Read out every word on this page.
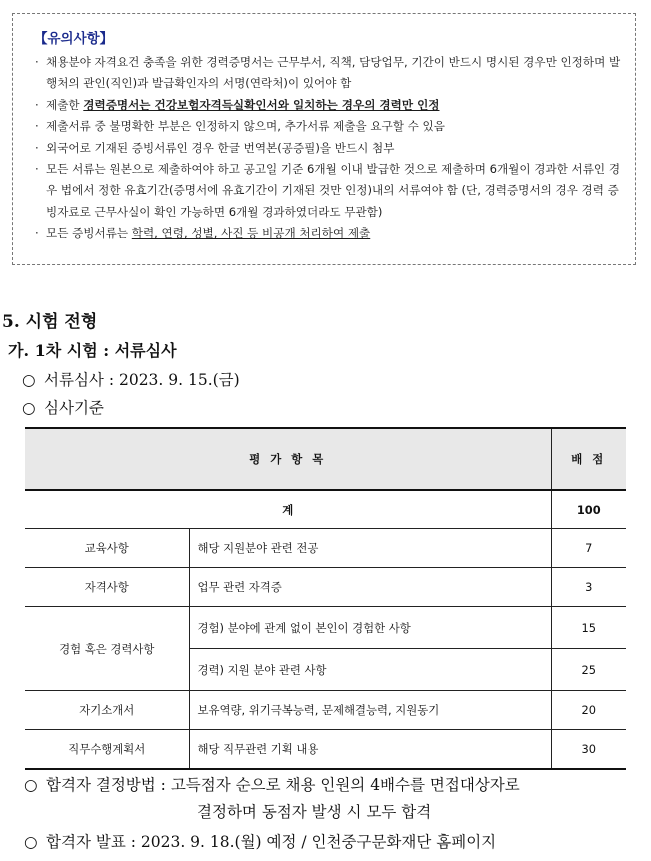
【유의사항】
· 채용분야 자격요건 충족을 위한 경력증명서는 근무부서, 직책, 담당업무, 기간이 반드시 명시된 경우만 인정하며 발행처의 관인(직인)과 발급확인자의 서명(연락처)이 있어야 함
· 제출한 경력증명서는 건강보험자격득실확인서와 일치하는 경우의 경력만 인정
· 제출서류 중 불명확한 부분은 인정하지 않으며, 추가서류 제출을 요구할 수 있음
· 외국어로 기재된 증빙서류인 경우 한글 번역본(공증필)을 반드시 첨부
· 모든 서류는 원본으로 제출하여야 하고 공고일 기준 6개월 이내 발급한 것으로 제출하며 6개월이 경과한 서류인 경우 법에서 정한 유효기간(증명서에 유효기간이 기재된 것만 인정)내의 서류여야 함 (단, 경력증명서의 경우 경력 증빙자료로 근무사실이 확인 가능하면 6개월 경과하였더라도 무관함)
· 모든 증빙서류는 학력, 연령, 성별, 사진 등 비공개 처리하여 제출
5. 시험 전형
가. 1차 시험 : 서류심사
○ 서류심사 : 2023. 9. 15.(금)
○ 심사기준
평 가 항 목		배 점
계		100
교육사항	해당 지원분야 관련 전공	7
자격사항	업무 관련 자격증	3
경험 혹은 경력사항	경험) 분야에 관계 없이 본인이 경험한 사항	15
	경력) 지원 분야 관련 사항	25
자기소개서	보유역량, 위기극복능력, 문제해결능력, 지원동기	20
직무수행계획서	해당 직무관련 기획 내용	30
○ 합격자 결정방법 : 고득점자 순으로 채용 인원의 4배수를 면접대상자로
결정하며 동점자 발생 시 모두 합격
○ 합격자 발표 : 2023. 9. 18.(월) 예정 / 인천중구문화재단 홈페이지
